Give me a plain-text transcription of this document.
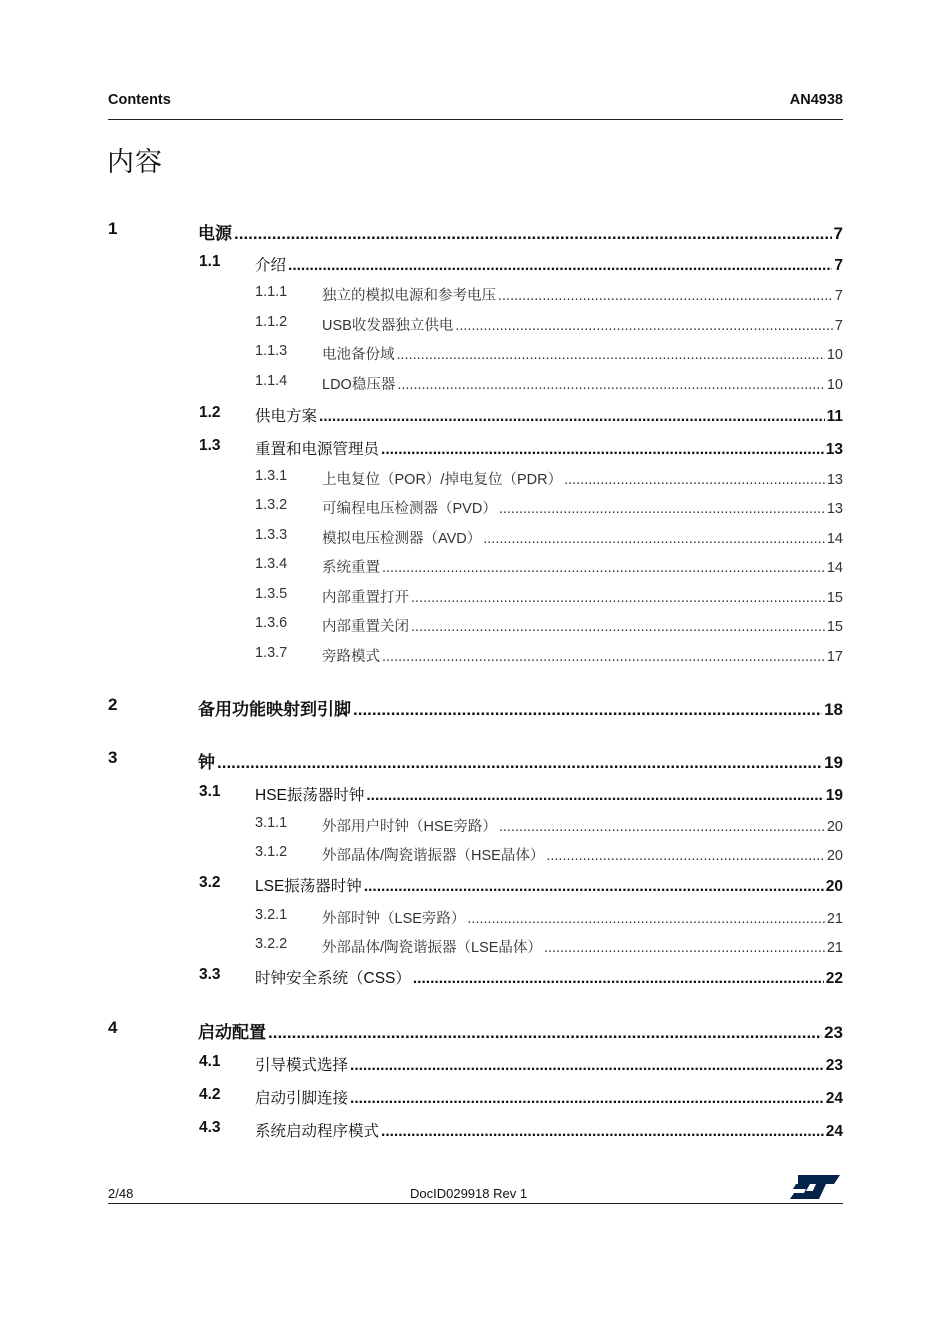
Contents	AN4938
内容
1	电源 .....	7
1.1 介绍 .....	7
1.1.1 独立的模拟电源和参考电压 .....	7
1.1.2 USB收发器独立供电 .....	7
1.1.3 电池备份域 .....	10
1.1.4 LDO稳压器 .....	10
1.2 供电方案 .....	11
1.3 重置和电源管理员 .....	13
1.3.1 上电复位（POR）/掉电复位（PDR） .....	13
1.3.2 可编程电压检测器（PVD） .....	13
1.3.3 模拟电压检测器（AVD） .....	14
1.3.4 系统重置 .....	14
1.3.5 内部重置打开 .....	15
1.3.6 内部重置关闭 .....	15
1.3.7 旁路模式 .....	17
2	备用功能映射到引脚 .....	18
3	钟 .....	19
3.1 HSE振荡器时钟 .....	19
3.1.1 外部用户时钟（HSE旁路） .....	20
3.1.2 外部晶体/陶瓷谐振器（HSE晶体） .....	20
3.2 LSE振荡器时钟 .....	20
3.2.1 外部时钟（LSE旁路） .....	21
3.2.2 外部晶体/陶瓷谐振器（LSE晶体） .....	21
3.3 时钟安全系统（CSS） .....	22
4	启动配置 .....	23
4.1 引导模式选择 .....	23
4.2 启动引脚连接 .....	24
4.3 系统启动程序模式 .....	24
2/48	DocID029918 Rev 1
